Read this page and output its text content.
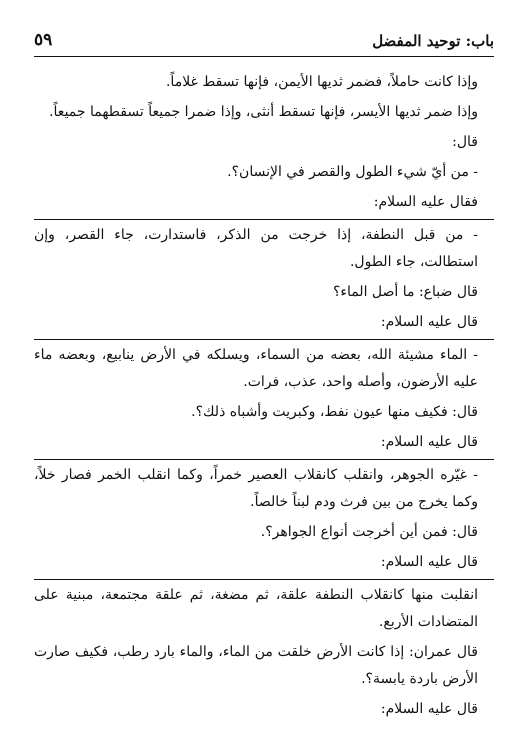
باب: توحيد المفضل
٥٩

وإذا كانت حاملاً، فضمر ثديها الأيمن، فإنها تسقط غلاماً.

وإذا ضمر ثديها الأيسر، فإنها تسقط أنثى، وإذا ضمرا جميعاً تسقطهما جميعاً.

قال:

- من أيّ شيء الطول والقصر في الإنسان؟.

فقال عليه السلام:

- من قبل النطفة، إذا خرجت من الذكر، فاستدارت، جاء القصر، وإن استطالت، جاء الطول.

قال ضباع: ما أصل الماء؟

قال عليه السلام:

- الماء مشيئة الله، بعضه من السماء، ويسلكه في الأرض ينابيع، وبعضه ماء عليه الأرضون، وأصله واحد، عذب، فرات.

قال: فكيف منها عيون نفط، وكبريت وأشباه ذلك؟.

قال عليه السلام:

- غيّره الجوهر، وانقلب كانقلاب العصير خمراً، وكما انقلب الخمر فصار خلاً، وكما يخرج من بين فرث ودم لبناً خالصاً.

قال: فمن أين أخرجت أنواع الجواهر؟.

قال عليه السلام:

انقلبت منها كانقلاب النطفة علقة، ثم مضغة، ثم علقة مجتمعة، مبنية على المتضادات الأربع.

قال عمران: إذا كانت الأرض خلقت من الماء، والماء بارد رطب، فكيف صارت الأرض باردة يابسة؟.

قال عليه السلام:
